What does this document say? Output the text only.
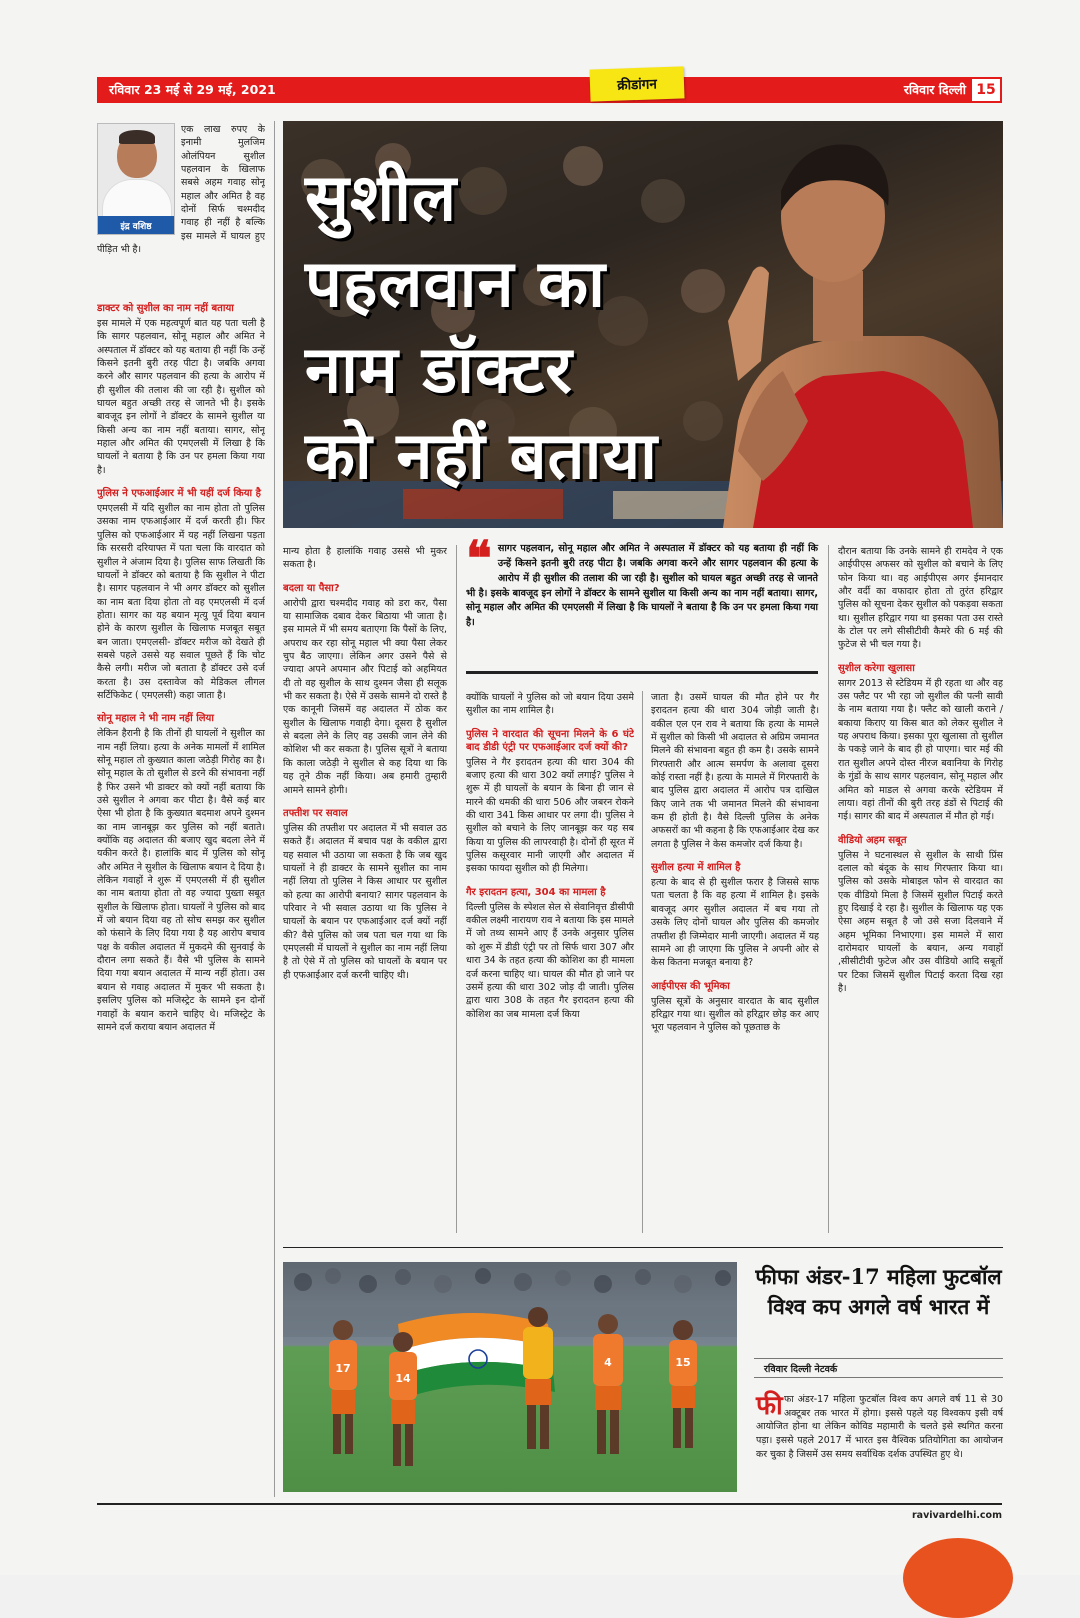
रविवार 23 मई से 29 मई, 2021	क्रीडांगन	रविवार दिल्ली 15
इंद्र वशिष्ठ
एक लाख रुपए के इनामी मुलजिम ओलंपियन सुशील पहलवान के खिलाफ सबसे अहम गवाह सोनू महाल और अमित है वह दोनों सिर्फ चश्मदीद गवाह ही नहीं है बल्कि इस मामले में घायल हुए पीड़ित भी है।
डाक्टर को सुशील का नाम नहीं बताया
इस मामले में एक महत्वपूर्ण बात यह पता चली है कि सागर पहलवान, सोनू महाल और अमित ने अस्पताल में डॉक्टर को यह बताया ही नहीं कि उन्हें किसने इतनी बुरी तरह पीटा है। जबकि अगवा करने और सागर पहलवान की हत्या के आरोप में ही सुशील की तलाश की जा रही है। सुशील को घायल बहुत अच्छी तरह से जानते भी है। इसके बावजूद इन लोगों ने डॉक्टर के सामने सुशील या किसी अन्य का नाम नहीं बताया। सागर, सोनू महाल और अमित की एमएलसी में लिखा है कि घायलों ने बताया है कि उन पर हमला किया गया है।
पुलिस ने एफआईआर में भी यहीं दर्ज किया है
एमएलसी में यदि सुशील का नाम होता तो पुलिस उसका नाम एफआईआर में दर्ज करती ही। फिर पुलिस को एफआईआर में यह नहीं लिखना पड़ता कि सरसरी दरियाफ्त में पता चला कि वारदात को सुशील ने अंजाम दिया है। पुलिस साफ लिखती कि घायलों ने डॉक्टर को बताया है कि सुशील ने पीटा है। सागर पहलवान ने भी अगर डॉक्टर को सुशील का नाम बता दिया होता तो वह एमएलसी में दर्ज होता। सागर का यह बयान मृत्यु पूर्व दिया बयान होने के कारण सुशील के खिलाफ मजबूत सबूत बन जाता। एमएलसी- डॉक्टर मरीज को देखते ही सबसे पहले उससे यह सवाल पूछते हैं कि चोट कैसे लगी। मरीज जो बताता है डॉक्टर उसे दर्ज करता है। उस दस्तावेज को मेडिकल लीगल सर्टिफिकेट ( एमएलसी) कहा जाता है।
सोनू महाल ने भी नाम नहीं लिया
लेकिन हैरानी है कि तीनों ही घायलों ने सुशील का नाम नहीं लिया। हत्या के अनेक मामलों में शामिल सोनू महाल तो कुख्यात काला जठेड़ी गिरोह का है। सोनू महाल के तो सुशील से डरने की संभावना नहीं है फिर उसने भी डाक्टर को क्यों नहीं बताया कि उसे सुशील ने अगवा कर पीटा है। वैसे कई बार ऐसा भी होता है कि कुख्यात बदमाश अपने दुश्मन का नाम जानबूझ कर पुलिस को नहीं बताते। क्योंकि वह अदालत की बजाए खुद बदला लेने में यकीन करते है। हालांकि बाद में पुलिस को सोनू और अमित ने सुशील के खिलाफ बयान दे दिया है। लेकिन गवाहों ने शुरू में एमएलसी में ही सुशील का नाम बताया होता तो वह ज्यादा पुख्ता सबूत सुशील के खिलाफ होता। घायलों ने पुलिस को बाद में जो बयान दिया वह तो सोच समझ कर सुशील को फंसाने के लिए दिया गया है यह आरोप बचाव पक्ष के वकील अदालत में मुकदमे की सुनवाई के दौरान लगा सकते हैं। वैसे भी पुलिस के सामने दिया गया बयान अदालत में मान्य नहीं होता। उस बयान से गवाह अदालत में मुकर भी सकता है। इसलिए पुलिस को मजिस्ट्रेट के सामने इन दोनों गवाहों के बयान कराने चाहिए थे। मजिस्ट्रेट के सामने दर्ज कराया बयान अदालत में
सुशील
पहलवान का
नाम डॉक्टर
को नहीं बताया
मान्य होता है हालांकि गवाह उससे भी मुकर सकता है।
बदला या पैसा?
आरोपी द्वारा चश्मदीद गवाह को डरा कर, पैसा या सामाजिक दबाव देकर बिठाया भी जाता है। इस मामले में भी समय बताएगा कि पैसों के लिए, अपराध कर रहा सोनू महाल भी क्या पैसा लेकर चुप बैठ जाएगा। लेकिन अगर उसने पैसे से ज्यादा अपने अपमान और पिटाई को अहमियत दी तो वह सुशील के साथ दुश्मन जैसा ही सलूक भी कर सकता है। ऐसे में उसके सामने दो रास्ते है एक कानूनी जिसमें वह अदालत में ठोक कर सुशील के खिलाफ गवाही देगा। दूसरा है सुशील से बदला लेने के लिए वह उसकी जान लेने की कोशिश भी कर सकता है। पुलिस सूत्रों ने बताया कि काला जठेड़ी ने सुशील से कह दिया था कि यह तूने ठीक नहीं किया। अब हमारी तुम्हारी आमने सामने होगी।
तफ्तीश पर सवाल
पुलिस की तफ्तीश पर अदालत में भी सवाल उठ सकते हैं। अदालत में बचाव पक्ष के वकील द्वारा यह सवाल भी उठाया जा सकता है कि जब खुद घायलों ने ही डाक्टर के सामने सुशील का नाम नहीं लिया तो पुलिस ने किस आधार पर सुशील को हत्या का आरोपी बनाया? सागर पहलवान के परिवार ने भी सवाल उठाया था कि पुलिस ने घायलों के बयान पर एफआईआर दर्ज क्यों नहीं की? वैसे पुलिस को जब पता चल गया था कि एमएलसी में घायलों ने सुशील का नाम नहीं लिया है तो ऐसे में तो पुलिस को घायलों के बयान पर ही एफआईआर दर्ज करनी चाहिए थी।
❝ सागर पहलवान, सोनू महाल और अमित ने अस्पताल में डॉक्टर को यह बताया ही नहीं कि उन्हें किसने इतनी बुरी तरह पीटा है। जबकि अगवा करने और सागर पहलवान की हत्या के आरोप में ही सुशील की तलाश की जा रही है। सुशील को घायल बहुत अच्छी तरह से जानते भी है। इसके बावजूद इन लोगों ने डॉक्टर के सामने सुशील या किसी अन्य का नाम नहीं बताया। सागर, सोनू महाल और अमित की एमएलसी में लिखा है कि घायलों ने बताया है कि उन पर हमला किया गया है।
क्योंकि घायलों ने पुलिस को जो बयान दिया उसमे सुशील का नाम शामिल है।
पुलिस ने वारदात की सूचना मिलने के 6 घंटे बाद डीडी एंट्री पर एफआईआर दर्ज क्यों की?
पुलिस ने गैर इरादतन हत्या की धारा 304 की बजाए हत्या की धारा 302 क्यों लगाई? पुलिस ने शुरू में ही घायलों के बयान के बिना ही जान से मारने की धमकी की धारा 506 और जबरन रोकने की धारा 341 किस आधार पर लगा दी। पुलिस ने सुशील को बचाने के लिए जानबूझ कर यह सब किया या पुलिस की लापरवाही है। दोनों ही सूरत में पुलिस कसूरवार मानी जाएगी और अदालत में इसका फायदा सुशील को ही मिलेगा।
गैर इरादतन हत्या, 304 का मामला है
दिल्ली पुलिस के स्पेशल सेल से सेवानिवृत्त डीसीपी वकील लक्ष्मी नारायण राव ने बताया कि इस मामले में जो तथ्य सामने आए हैं उनके अनुसार पुलिस को शुरू में डीडी एंट्री पर तो सिर्फ धारा 307 और धारा 34 के तहत हत्या की कोशिश का ही मामला दर्ज करना चाहिए था। घायल की मौत हो जाने पर उसमें हत्या की धारा 302 जोड़ दी जाती। पुलिस द्वारा धारा 308 के तहत गैर इरादतन हत्या की कोशिश का जब मामला दर्ज किया
जाता है। उसमें घायल की मौत होने पर गैर इरादतन हत्या की धारा 304 जोड़ी जाती है। वकील एल एन राव ने बताया कि हत्या के मामले में सुशील को किसी भी अदालत से अग्रिम जमानत मिलने की संभावना बहुत ही कम है। उसके सामने गिरफ्तारी और आत्म समर्पण के अलावा दूसरा कोई रास्ता नहीं है। हत्या के मामले में गिरफ्तारी के बाद पुलिस द्वारा अदालत में आरोप पत्र दाखिल किए जाने तक भी जमानत मिलने की संभावना कम ही होती है। वैसे दिल्ली पुलिस के अनेक अफसरों का भी कहना है कि एफआईआर देख कर लगता है पुलिस ने केस कमजोर दर्ज किया है।
सुशील हत्या में शामिल है
हत्या के बाद से ही सुशील फरार है जिससे साफ पता चलता है कि वह हत्या में शामिल है। इसके बावजूद अगर सुशील अदालत में बच गया तो उसके लिए दोनों घायल और पुलिस की कमजोर तफ्तीश ही जिम्मेदार मानी जाएगी। अदालत में यह सामने आ ही जाएगा कि पुलिस ने अपनी ओर से केस कितना मजबूत बनाया है?
आईपीएस की भूमिका
पुलिस सूत्रों के अनुसार वारदात के बाद सुशील हरिद्वार गया था। सुशील को हरिद्वार छोड़ कर आए भूरा पहलवान ने पुलिस को पूछताछ के
दौरान बताया कि उनके सामने ही रामदेव ने एक आईपीएस अफसर को सुशील को बचाने के लिए फोन किया था। वह आईपीएस अगर ईमानदार और वर्दी का वफादार होता तो तुरंत हरिद्वार पुलिस को सूचना देकर सुशील को पकड़वा सकता था। सुशील हरिद्वार गया था इसका पता उस रास्ते के टोल पर लगे सीसीटीवी कैमरे की 6 मई की फुटेज से भी चल गया है।
सुशील करेगा खुलासा
सागर 2013 से स्टेडियम में ही रहता था और वह उस फ्लैट पर भी रहा जो सुशील की पत्नी सावी के नाम बताया गया है। फ्लैट को खाली कराने / बकाया किराए या किस बात को लेकर सुशील ने यह अपराध किया। इसका पूरा खुलासा तो सुशील के पकड़े जाने के बाद ही हो पाएगा। चार मई की रात सुशील अपने दोस्त नीरज बवानिया के गिरोह के गुंडों के साथ सागर पहलवान, सोनू महाल और अमित को माडल से अगवा करके स्टेडियम में लाया। वहां तीनों की बुरी तरह डंडों से पिटाई की गई। सागर की बाद में अस्पताल में मौत हो गई।
वीडियो अहम सबूत
पुलिस ने घटनास्थल से सुशील के साथी प्रिंस दलाल को बंदूक के साथ गिरफ्तार किया था। पुलिस को उसके मोबाइल फोन से वारदात का एक वीडियो मिला है जिसमें सुशील पिटाई करते हुए दिखाई दे रहा है। सुशील के खिलाफ यह एक ऐसा अहम सबूत है जो उसे सजा दिलवाने में अहम भूमिका निभाएगा। इस मामले में सारा दारोमदार घायलों के बयान, अन्य गवाहों ,सीसीटीवी फुटेज और उस वीडियो आदि सबूतों पर टिका जिसमें सुशील पिटाई करता दिख रहा है।
17
14
4	15
फीफा अंडर-17 महिला फुटबॉल विश्व कप अगले वर्ष भारत में
रविवार दिल्ली नेटवर्क
फी फा अंडर-17 महिला फुटबॉल विश्व कप अगले वर्ष 11 से 30 अक्टूबर तक भारत में होगा। इससे पहले यह विश्वकप इसी वर्ष आयोजित होना था लेकिन कोविड महामारी के चलते इसे स्थगित करना पड़ा। इससे पहले 2017 में भारत इस वैश्विक प्रतियोगिता का आयोजन कर चुका है जिसमें उस समय सर्वाधिक दर्शक उपस्थित हुए थे।
ravivardelhi.com
